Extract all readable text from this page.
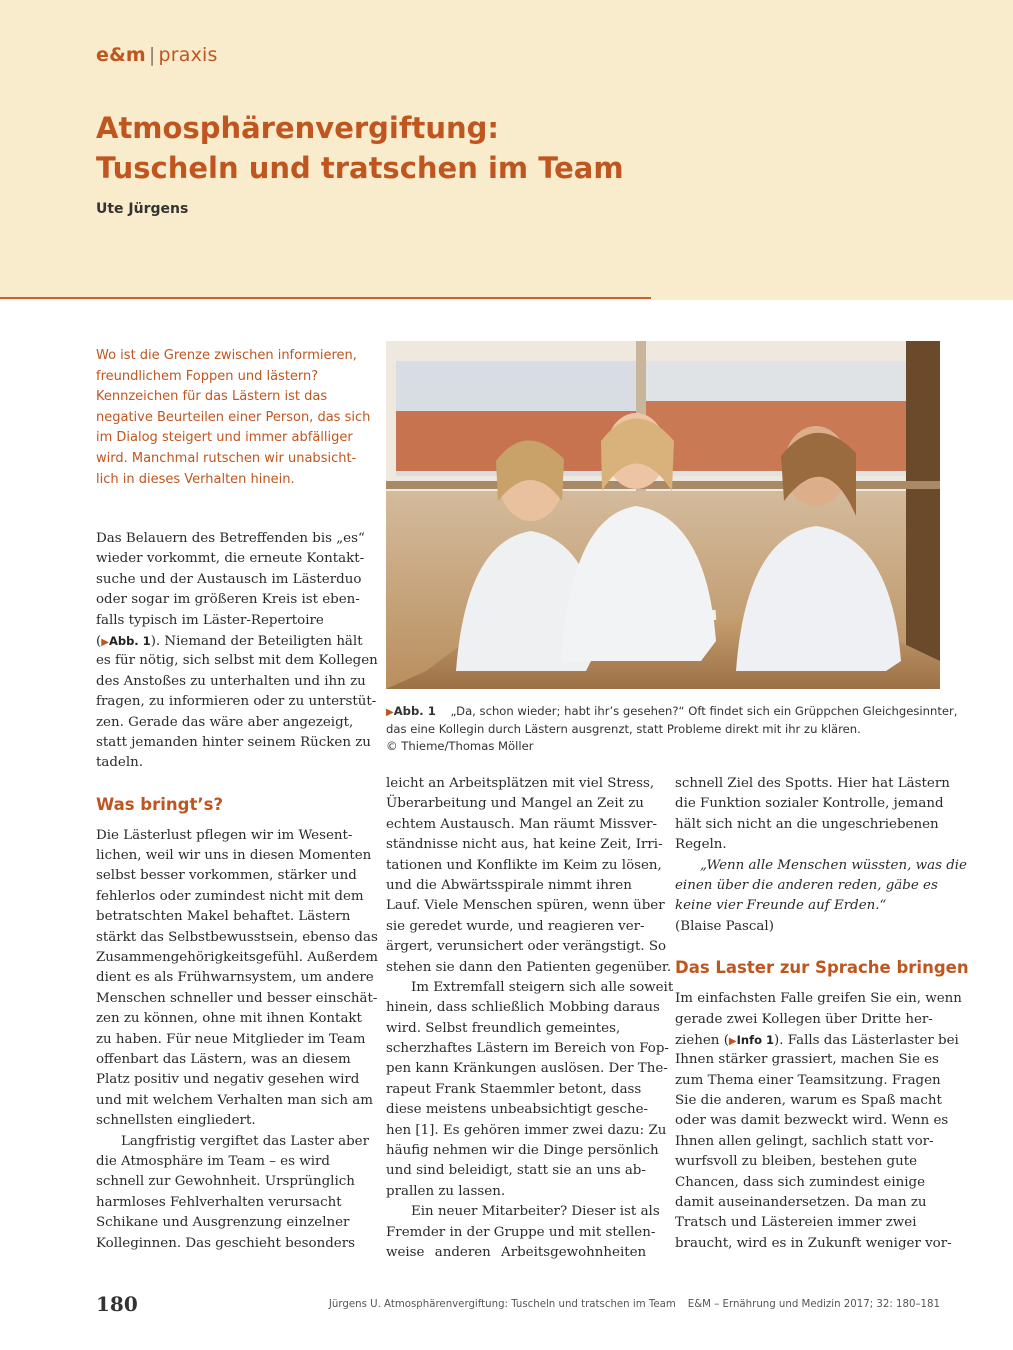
e&m | praxis
Atmosphärenvergiftung:
Tuscheln und tratschen im Team
Ute Jürgens
Wo ist die Grenze zwischen informieren,
freundlichem Foppen und lästern?
Kennzeichen für das Lästern ist das
negative Beurteilen einer Person, das sich
im Dialog steigert und immer abfälliger
wird. Manchmal rutschen wir unabsicht-
lich in dieses Verhalten hinein.
▶Abb. 1 „Da, schon wieder; habt ihr’s gesehen?“ Oft findet sich ein Grüppchen Gleichgesinnter,
das eine Kollegin durch Lästern ausgrenzt, statt Probleme direkt mit ihr zu klären.
© Thieme/Thomas Möller
Das Belauern des Betreffenden bis „es“
wieder vorkommt, die erneute Kontakt-
suche und der Austausch im Lästerduo
oder sogar im größeren Kreis ist eben-
falls typisch im Läster-Repertoire
(▶Abb. 1). Niemand der Beteiligten hält
es für nötig, sich selbst mit dem Kollegen
des Anstoßes zu unterhalten und ihn zu
fragen, zu informieren oder zu unterstüt-
zen. Gerade das wäre aber angezeigt,
statt jemanden hinter seinem Rücken zu
tadeln.
Was bringt’s?
Die Lästerlust pflegen wir im Wesent-
lichen, weil wir uns in diesen Momenten
selbst besser vorkommen, stärker und
fehlerlos oder zumindest nicht mit dem
betratschten Makel behaftet. Lästern
stärkt das Selbstbewusstsein, ebenso das
Zusammengehörigkeitsgefühl. Außerdem
dient es als Frühwarnsystem, um andere
Menschen schneller und besser einschät-
zen zu können, ohne mit ihnen Kontakt
zu haben. Für neue Mitglieder im Team
offenbart das Lästern, was an diesem
Platz positiv und negativ gesehen wird
und mit welchem Verhalten man sich am
schnellsten eingliedert.
Langfristig vergiftet das Laster aber
die Atmosphäre im Team – es wird
schnell zur Gewohnheit. Ursprünglich
harmloses Fehlverhalten verursacht
Schikane und Ausgrenzung einzelner
Kolleginnen. Das geschieht besonders
leicht an Arbeitsplätzen mit viel Stress,
Überarbeitung und Mangel an Zeit zu
echtem Austausch. Man räumt Missver-
ständnisse nicht aus, hat keine Zeit, Irri-
tationen und Konflikte im Keim zu lösen,
und die Abwärtsspirale nimmt ihren
Lauf. Viele Menschen spüren, wenn über
sie geredet wurde, und reagieren ver-
ärgert, verunsichert oder verängstigt. So
stehen sie dann den Patienten gegenüber.
Im Extremfall steigern sich alle soweit
hinein, dass schließlich Mobbing daraus
wird. Selbst freundlich gemeintes,
scherzhaftes Lästern im Bereich von Fop-
pen kann Kränkungen auslösen. Der The-
rapeut Frank Staemmler betont, dass
diese meistens unbeabsichtigt gesche-
hen [1]. Es gehören immer zwei dazu: Zu
häufig nehmen wir die Dinge persönlich
und sind beleidigt, statt sie an uns ab-
prallen zu lassen.
Ein neuer Mitarbeiter? Dieser ist als
Fremder in der Gruppe und mit stellen-
weise anderen Arbeitsgewohnheiten
schnell Ziel des Spotts. Hier hat Lästern
die Funktion sozialer Kontrolle, jemand
hält sich nicht an die ungeschriebenen
Regeln.
„Wenn alle Menschen wüssten, was die
einen über die anderen reden, gäbe es
keine vier Freunde auf Erden.“
(Blaise Pascal)
Das Laster zur Sprache bringen
Im einfachsten Falle greifen Sie ein, wenn
gerade zwei Kollegen über Dritte her-
ziehen (▶Info 1). Falls das Lästerlaster bei
Ihnen stärker grassiert, machen Sie es
zum Thema einer Teamsitzung. Fragen
Sie die anderen, warum es Spaß macht
oder was damit bezweckt wird. Wenn es
Ihnen allen gelingt, sachlich statt vor-
wurfsvoll zu bleiben, bestehen gute
Chancen, dass sich zumindest einige
damit auseinandersetzen. Da man zu
Tratsch und Lästereien immer zwei
braucht, wird es in Zukunft weniger vor-
180	Jürgens U. Atmosphärenvergiftung: Tuscheln und tratschen im Team E&M – Ernährung und Medizin 2017; 32: 180–181
